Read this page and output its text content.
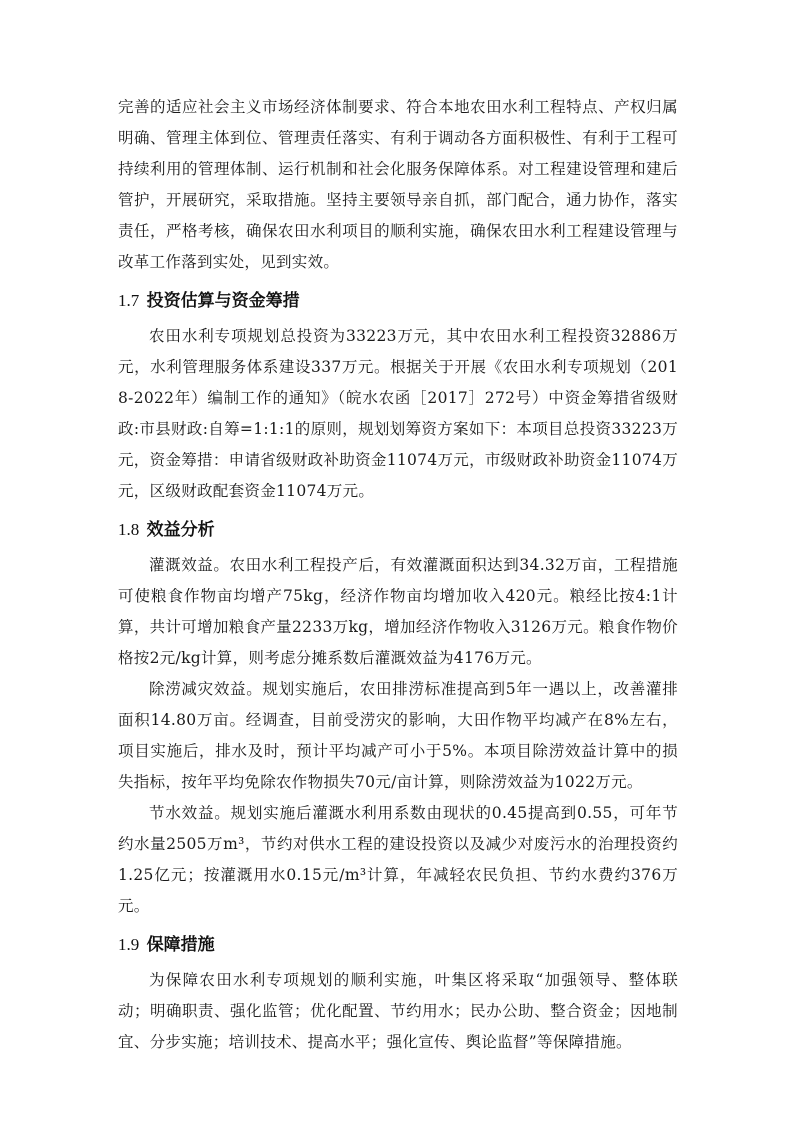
完善的适应社会主义市场经济体制要求、符合本地农田水利工程特点、产权归属明确、管理主体到位、管理责任落实、有利于调动各方面积极性、有利于工程可持续利用的管理体制、运行机制和社会化服务保障体系。对工程建设管理和建后管护，开展研究，采取措施。坚持主要领导亲自抓，部门配合，通力协作，落实责任，严格考核，确保农田水利项目的顺利实施，确保农田水利工程建设管理与改革工作落到实处，见到实效。

1.7 投资估算与资金筹措

农田水利专项规划总投资为33223万元，其中农田水利工程投资32886万元，水利管理服务体系建设337万元。根据关于开展《农田水利专项规划（2018-2022年）编制工作的通知》（皖水农函［2017］272号）中资金筹措省级财政:市县财政:自筹=1:1:1的原则，规划划筹资方案如下：本项目总投资33223万元，资金筹措：申请省级财政补助资金11074万元，市级财政补助资金11074万元，区级财政配套资金11074万元。

1.8 效益分析

灌溉效益。农田水利工程投产后，有效灌溉面积达到34.32万亩，工程措施可使粮食作物亩均增产75kg，经济作物亩均增加收入420元。粮经比按4:1计算，共计可增加粮食产量2233万kg，增加经济作物收入3126万元。粮食作物价格按2元/kg计算，则考虑分摊系数后灌溉效益为4176万元。

除涝减灾效益。规划实施后，农田排涝标准提高到5年一遇以上，改善灌排面积14.80万亩。经调查，目前受涝灾的影响，大田作物平均减产在8%左右，项目实施后，排水及时，预计平均减产可小于5%。本项目除涝效益计算中的损失指标，按年平均免除农作物损失70元/亩计算，则除涝效益为1022万元。

节水效益。规划实施后灌溉水利用系数由现状的0.45提高到0.55，可年节约水量2505万m³，节约对供水工程的建设投资以及减少对废污水的治理投资约1.25亿元；按灌溉用水0.15元/m³计算，年减轻农民负担、节约水费约376万元。

1.9 保障措施

为保障农田水利专项规划的顺利实施，叶集区将采取“加强领导、整体联动；明确职责、强化监管；优化配置、节约用水；民办公助、整合资金；因地制宜、分步实施；培训技术、提高水平；强化宣传、舆论监督”等保障措施。
